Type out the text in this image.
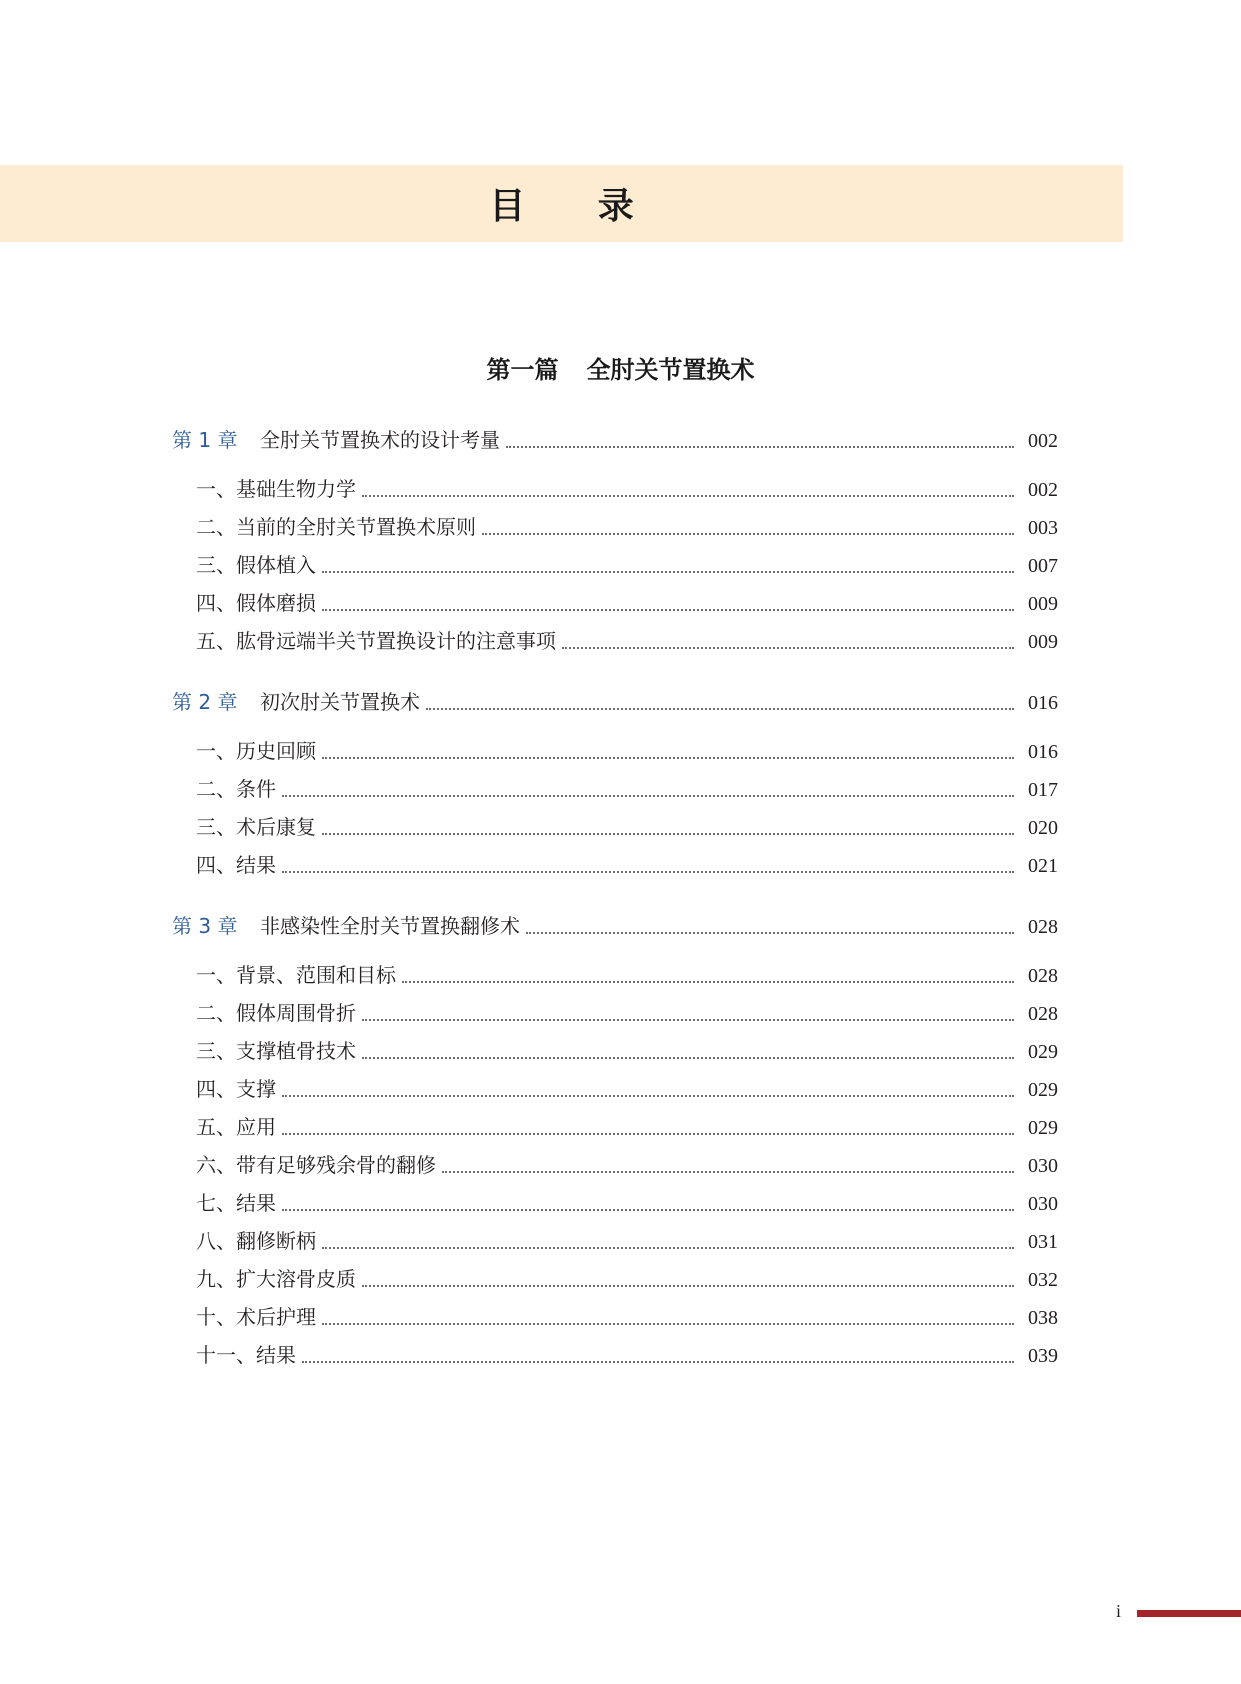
目 录
第一篇 全肘关节置换术
第 1 章	全肘关节置换术的设计考量	002
一、基础生物力学	002
二、当前的全肘关节置换术原则	003
三、假体植入	007
四、假体磨损	009
五、肱骨远端半关节置换设计的注意事项	009
第 2 章	初次肘关节置换术	016
一、历史回顾	016
二、条件	017
三、术后康复	020
四、结果	021
第 3 章	非感染性全肘关节置换翻修术	028
一、背景、范围和目标	028
二、假体周围骨折	028
三、支撑植骨技术	029
四、支撑	029
五、应用	029
六、带有足够残余骨的翻修	030
七、结果	030
八、翻修断柄	031
九、扩大溶骨皮质	032
十、术后护理	038
十一、结果	039
i
